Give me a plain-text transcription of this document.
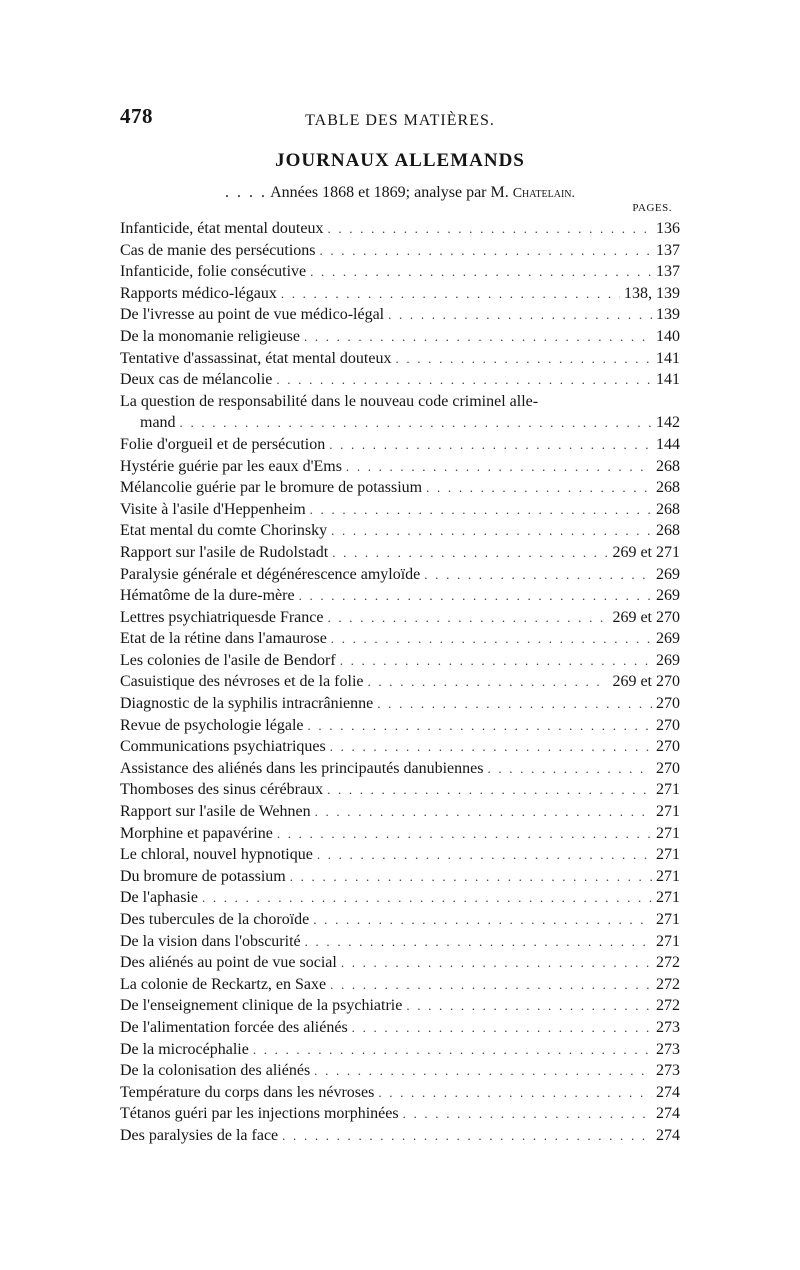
478	TABLE DES MATIÈRES.
JOURNAUX ALLEMANDS
. . . . Années 1868 et 1869; analyse par M. Chatelain.
PAGES.
Infanticide, état mental douteux . . .	136
Cas de manie des persécutions . . .	137
Infanticide, folie consécutive . . .	137
Rapports médico-légaux . . .	138, 139
De l'ivresse au point de vue médico-légal . . .	139
De la monomanie religieuse . . .	140
Tentative d'assassinat, état mental douteux . . .	141
Deux cas de mélancolie . . .	141
La question de responsabilité dans le nouveau code criminel alle-
mand . . .	142
Folie d'orgueil et de persécution . . .	144
Hystérie guérie par les eaux d'Ems . . .	268
Mélancolie guérie par le bromure de potassium . . .	268
Visite à l'asile d'Heppenheim . . .	268
Etat mental du comte Chorinsky . . .	268
Rapport sur l'asile de Rudolstadt . . .	269 et 271
Paralysie générale et dégénérescence amyloïde . . .	269
Hématôme de la dure-mère . . .	269
Lettres psychiatriquesde France . . .	269 et 270
Etat de la rétine dans l'amaurose . . .	269
Les colonies de l'asile de Bendorf . . .	269
Casuistique des névroses et de la folie . . .	269 et 270
Diagnostic de la syphilis intracrânienne . . .	270
Revue de psychologie légale . . .	270
Communications psychiatriques . . .	270
Assistance des aliénés dans les principautés danubiennes . . .	270
Thomboses des sinus cérébraux . . .	271
Rapport sur l'asile de Wehnen . . .	271
Morphine et papavérine . . .	271
Le chloral, nouvel hypnotique . . .	271
Du bromure de potassium . . .	271
De l'aphasie . . .	271
Des tubercules de la choroïde . . .	271
De la vision dans l'obscurité . . .	271
Des aliénés au point de vue social . . .	272
La colonie de Reckartz, en Saxe . . .	272
De l'enseignement clinique de la psychiatrie . . .	272
De l'alimentation forcée des aliénés . . .	273
De la microcéphalie . . .	273
De la colonisation des aliénés . . .	273
Température du corps dans les névroses . . .	274
Tétanos guéri par les injections morphinées . . .	274
Des paralysies de la face . . .	274
